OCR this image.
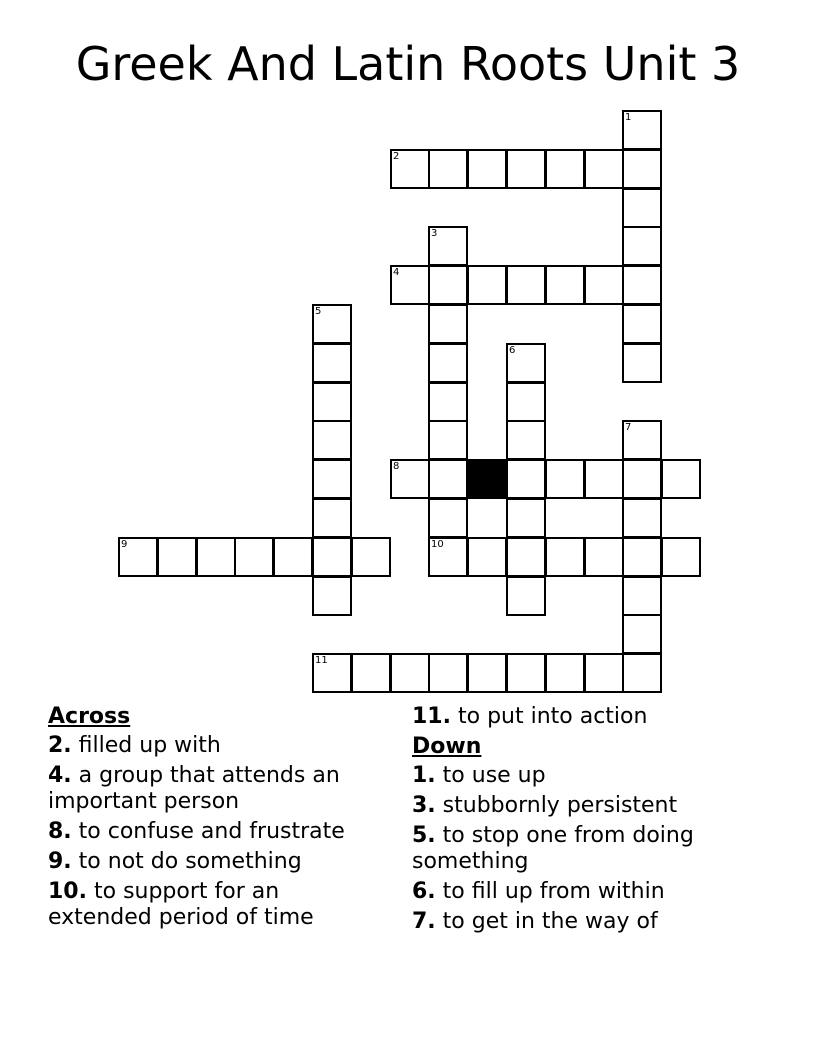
Greek And Latin Roots Unit 3
1
2
3
10
4
5
6
7
8
9
11
Across
2. filled up with
4. a group that attends an important person
8. to confuse and frustrate
9. to not do something
10. to support for an extended period of time
11. to put into action
Down
1. to use up
3. stubbornly persistent
5. to stop one from doing something
6. to fill up from within
7. to get in the way of
